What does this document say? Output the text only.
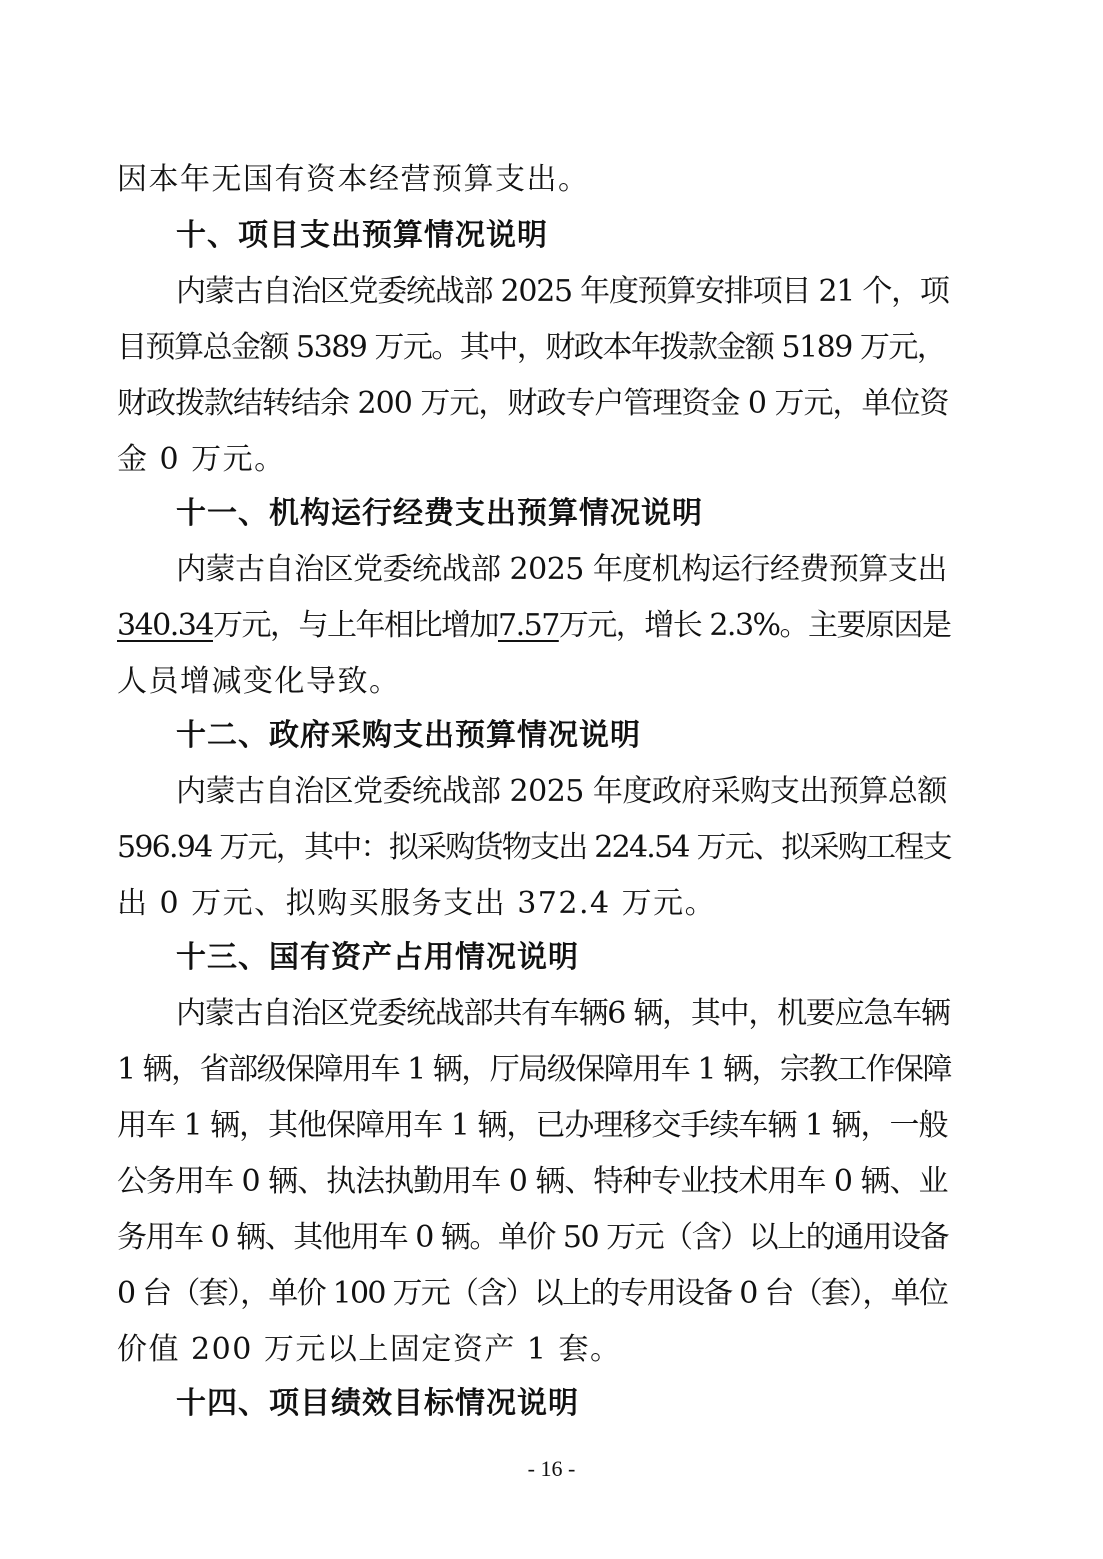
因本年无国有资本经营预算支出。
十、项目支出预算情况说明
内蒙古自治区党委统战部 2025 年度预算安排项目 21 个，项
目预算总金额 5389 万元。其中，财政本年拨款金额 5189 万元，
财政拨款结转结余 200 万元，财政专户管理资金 0 万元，单位资
金 0 万元。
十一、机构运行经费支出预算情况说明
内蒙古自治区党委统战部 2025 年度机构运行经费预算支出
340.34万元，与上年相比增加7.57万元，增长 2.3%。主要原因是
人员增减变化导致。
十二、政府采购支出预算情况说明
内蒙古自治区党委统战部 2025 年度政府采购支出预算总额
596.94 万元，其中：拟采购货物支出 224.54 万元、拟采购工程支
出 0 万元、拟购买服务支出 372.4 万元。
十三、国有资产占用情况说明
内蒙古自治区党委统战部共有车辆6 辆，其中，机要应急车辆
1 辆，省部级保障用车 1 辆，厅局级保障用车 1 辆，宗教工作保障
用车 1 辆，其他保障用车 1 辆，已办理移交手续车辆 1 辆，一般
公务用车 0 辆、执法执勤用车 0 辆、特种专业技术用车 0 辆、业
务用车 0 辆、其他用车 0 辆。单价 50 万元（含）以上的通用设备
0 台（套），单价 100 万元（含）以上的专用设备 0 台（套），单位
价值 200 万元以上固定资产 1 套。
十四、项目绩效目标情况说明
- 16 -
